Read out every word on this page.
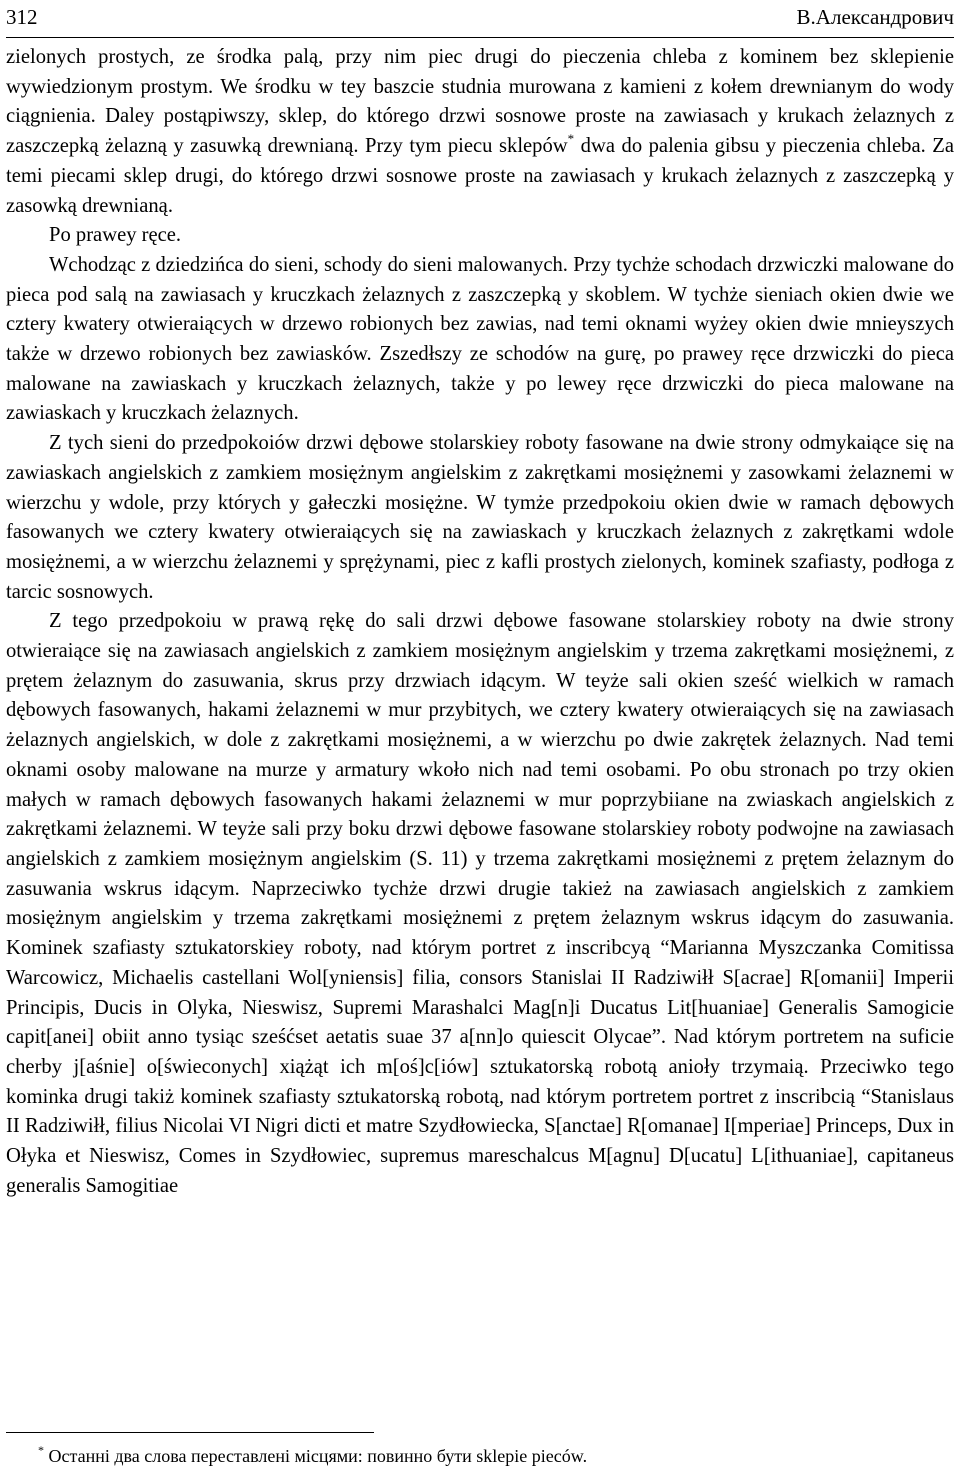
312	В.Александрович

zielonych prostych, ze środka palą, przy nim piec drugi do pieczenia chleba z kominem bez sklepienie wywiedzionym prostym. We środku w tey baszcie studnia murowana z kamieni z kołem drewnianym do wody ciągnienia. Daley postąpiwszy, sklep, do którego drzwi sosnowe proste na zawiasach y krukach żelaznych z zaszczepką żelazną y zasuwką drewnianą. Przy tym piecu sklepów* dwa do palenia gibsu y pieczenia chleba. Za temi piecami sklep drugi, do którego drzwi sosnowe proste na zawiasach y krukach żelaznych z zaszczepką y zasowką drewnianą.

Po prawey ręce.

Wchodząc z dziedzińca do sieni, schody do sieni malowanych. Przy tychże schodach drzwiczki malowane do pieca pod salą na zawiasach y kruczkach żelaznych z zaszczepką y skoblem. W tychże sieniach okien dwie we cztery kwatery otwieraiących w drzewo robionych bez zawias, nad temi oknami wyżey okien dwie mnieyszych także w drzewo robionych bez zawiasków. Zszedłszy ze schodów na gurę, po prawey ręce drzwiczki do pieca malowane na zawiaskach y kruczkach żelaznych, także y po lewey ręce drzwiczki do pieca malowane na zawiaskach y kruczkach żelaznych.

Z tych sieni do przedpokoiów drzwi dębowe stolarskiey roboty fasowane na dwie strony odmykaiące się na zawiaskach angielskich z zamkiem mosiężnym angielskim z zakrętkami mosiężnemi y zasowkami żelaznemi w wierzchu y wdole, przy których y gałeczki mosiężne. W tymże przedpokoiu okien dwie w ramach dębowych fasowanych we cztery kwatery otwieraiących się na zawiaskach y kruczkach żelaznych z zakrętkami wdole mosiężnemi, a w wierzchu żelaznemi y sprężynami, piec z kafli prostych zielonych, kominek szafiasty, podłoga z tarcic sosnowych.

Z tego przedpokoiu w prawą rękę do sali drzwi dębowe fasowane stolarskiey roboty na dwie strony otwieraiące się na zawiasach angielskich z zamkiem mosiężnym angielskim y trzema zakrętkami mosiężnemi, z prętem żelaznym do zasuwania, skrus przy drzwiach idącym. W teyże sali okien sześć wielkich w ramach dębowych fasowanych, hakami żelaznemi w mur przybitych, we cztery kwatery otwieraiących się na zawiasach żelaznych angielskich, w dole z zakrętkami mosiężnemi, a w wierzchu po dwie zakrętek żelaznych. Nad temi oknami osoby malowane na murze y armatury wkoło nich nad temi osobami. Po obu stronach po trzy okien małych w ramach dębowych fasowanych hakami żelaznemi w mur poprzybiiane na zwiaskach angielskich z zakrętkami żelaznemi. W teyże sali przy boku drzwi dębowe fasowane stolarskiey roboty podwojne na zawiasach angielskich z zamkiem mosiężnym angielskim (S. 11) y trzema zakrętkami mosiężnemi z prętem żelaznym do zasuwania wskrus idącym. Naprzeciwko tychże drzwi drugie takież na zawiasach angielskich z zamkiem mosiężnym angielskim y trzema zakrętkami mosiężnemi z prętem żelaznym wskrus idącym do zasuwania. Kominek szafiasty sztukatorskiey roboty, nad którym portret z inscribcyą “Marianna Myszczanka Comitissa Warcowicz, Michaelis castellani Wol[yniensis] filia, consors Stanislai II Radziwiłł S[acrae] R[omanii] Imperii Principis, Ducis in Olyka, Nieswisz, Supremi Marashalci Mag[n]i Ducatus Lit[huaniae] Generalis Samogicie capit[anei] obiit anno tysiąc sześćset aetatis suae 37 a[nn]o quiescit Olycae”. Nad którym portretem na suficie cherby j[aśnie] o[świeconych] xiążąt ich m[oś]c[iów] sztukatorską robotą anioły trzymaią. Przeciwko tego kominka drugi takiż kominek szafiasty sztukatorską robotą, nad którym portretem portret z inscribcią “Stanislaus II Radziwiłł, filius Nicolai VI Nigri dicti et matre Szydłowiecka, S[anctae] R[omanae] I[mperiae] Princeps, Dux in Ołyka et Nieswisz, Comes in Szydłowiec, supremus mareschalcus M[agnu] D[ucatu] L[ithuaniae], capitaneus generalis Samogitiae

* Останні два слова переставлені місцями: повинно бути sklepie pieców.
